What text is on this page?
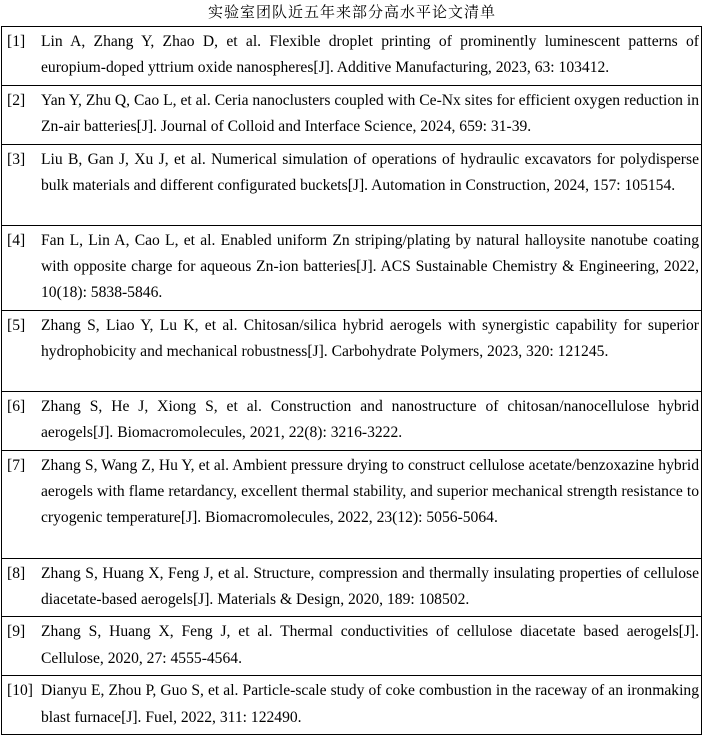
实验室团队近五年来部分高水平论文清单
[1]	Lin A, Zhang Y, Zhao D, et al. Flexible droplet printing of prominently luminescent patterns of europium-doped yttrium oxide nanospheres[J]. Additive Manufacturing, 2023, 63: 103412.
[2]	Yan Y, Zhu Q, Cao L, et al. Ceria nanoclusters coupled with Ce-Nx sites for efficient oxygen reduction in Zn-air batteries[J]. Journal of Colloid and Interface Science, 2024, 659: 31-39.
[3]	Liu B, Gan J, Xu J, et al. Numerical simulation of operations of hydraulic excavators for polydisperse bulk materials and different configurated buckets[J]. Automation in Construction, 2024, 157: 105154.
[4]	Fan L, Lin A, Cao L, et al. Enabled uniform Zn striping/plating by natural halloysite nanotube coating with opposite charge for aqueous Zn-ion batteries[J]. ACS Sustainable Chemistry & Engineering, 2022, 10(18): 5838-5846.
[5]	Zhang S, Liao Y, Lu K, et al. Chitosan/silica hybrid aerogels with synergistic capability for superior hydrophobicity and mechanical robustness[J]. Carbohydrate Polymers, 2023, 320: 121245.
[6]	Zhang S, He J, Xiong S, et al. Construction and nanostructure of chitosan/nanocellulose hybrid aerogels[J]. Biomacromolecules, 2021, 22(8): 3216-3222.
[7]	Zhang S, Wang Z, Hu Y, et al. Ambient pressure drying to construct cellulose acetate/benzoxazine hybrid aerogels with flame retardancy, excellent thermal stability, and superior mechanical strength resistance to cryogenic temperature[J]. Biomacromolecules, 2022, 23(12): 5056-5064.
[8]	Zhang S, Huang X, Feng J, et al. Structure, compression and thermally insulating properties of cellulose diacetate-based aerogels[J]. Materials & Design, 2020, 189: 108502.
[9]	Zhang S, Huang X, Feng J, et al. Thermal conductivities of cellulose diacetate based aerogels[J]. Cellulose, 2020, 27: 4555-4564.
[10]	Dianyu E, Zhou P, Guo S, et al. Particle-scale study of coke combustion in the raceway of an ironmaking blast furnace[J]. Fuel, 2022, 311: 122490.
